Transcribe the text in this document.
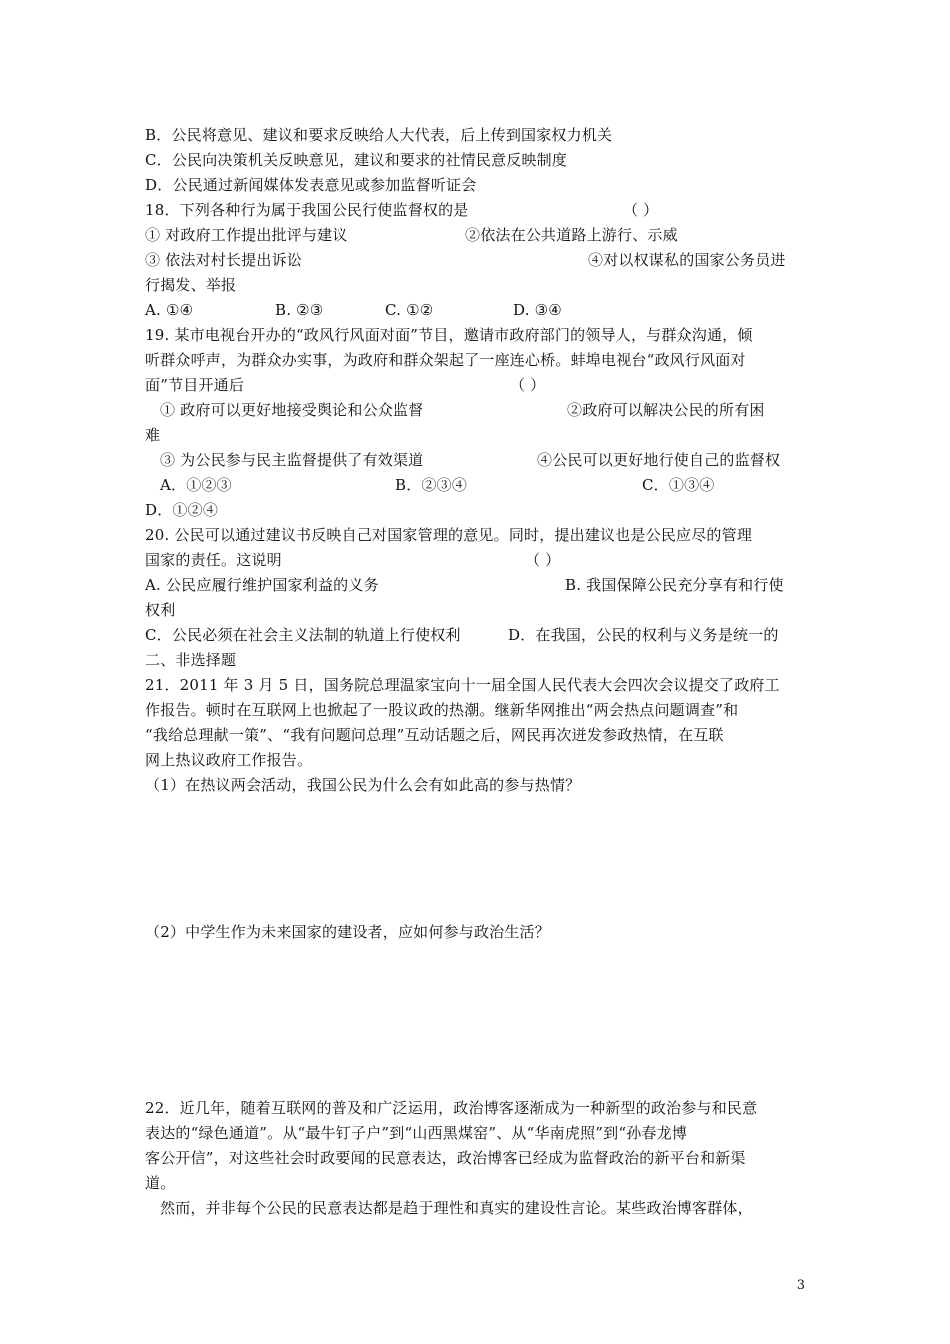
B．公民将意见、建议和要求反映给人大代表，后上传到国家权力机关
C．公民向决策机关反映意见，建议和要求的社情民意反映制度
D．公民通过新闻媒体发表意见或参加监督听证会
18．下列各种行为属于我国公民行使监督权的是	（ ）
① 对政府工作提出批评与建议	②依法在公共道路上游行、示威
③ 依法对村长提出诉讼	④对以权谋私的国家公务员进
行揭发、举报
A. ①④	B. ②③	C. ①②	D. ③④
19. 某市电视台开办的“政风行风面对面”节目，邀请市政府部门的领导人，与群众沟通，倾
听群众呼声，为群众办实事，为政府和群众架起了一座连心桥。蚌埠电视台“政风行风面对
面”节目开通后	（ ）
① 政府可以更好地接受舆论和公众监督	②政府可以解决公民的所有困
难
③ 为公民参与民主监督提供了有效渠道	④公民可以更好地行使自己的监督权
A．①②③	B．②③④	C．①③④
D．①②④
20. 公民可以通过建议书反映自己对国家管理的意见。同时，提出建议也是公民应尽的管理
国家的责任。这说明	（ ）
A. 公民应履行维护国家利益的义务	B. 我国保障公民充分享有和行使
权利
C．公民必须在社会主义法制的轨道上行使权利	D．在我国，公民的权利与义务是统一的
二、非选择题
21．2011 年 3 月 5 日，国务院总理温家宝向十一届全国人民代表大会四次会议提交了政府工
作报告。顿时在互联网上也掀起了一股议政的热潮。继新华网推出“两会热点问题调查”和
“我给总理献一策”、“我有问题问总理”互动话题之后，网民再次迸发参政热情，在互联
网上热议政府工作报告。
（1）在热议两会活动，我国公民为什么会有如此高的参与热情？
（2）中学生作为未来国家的建设者，应如何参与政治生活？
22．近几年，随着互联网的普及和广泛运用，政治博客逐渐成为一种新型的政治参与和民意
表达的“绿色通道”。从“最牛钉子户”到“山西黑煤窑”、从“华南虎照”到“孙春龙博
客公开信”，对这些社会时政要闻的民意表达，政治博客已经成为监督政治的新平台和新渠
道。
然而，并非每个公民的民意表达都是趋于理性和真实的建设性言论。某些政治博客群体，
3
